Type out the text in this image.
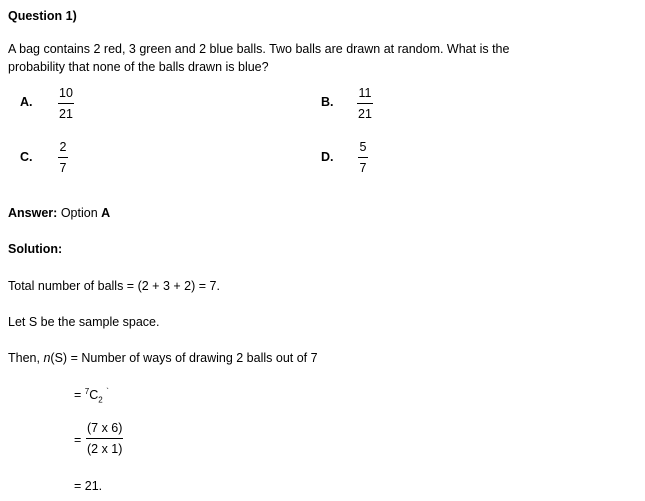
Question 1)
A bag contains 2 red, 3 green and 2 blue balls. Two balls are drawn at random. What is the
probability that none of the balls drawn is blue?
A.
10
21
B.
11
21
C.
2
7
D.
5
7
Answer: Option A
Solution:
Total number of balls = (2 + 3 + 2) = 7.
Let S be the sample space.
Then, n(S) = Number of ways of drawing 2 balls out of 7
= $^7C_2$ `
=
(7 x 6)
(2 x 1)
= 21.
